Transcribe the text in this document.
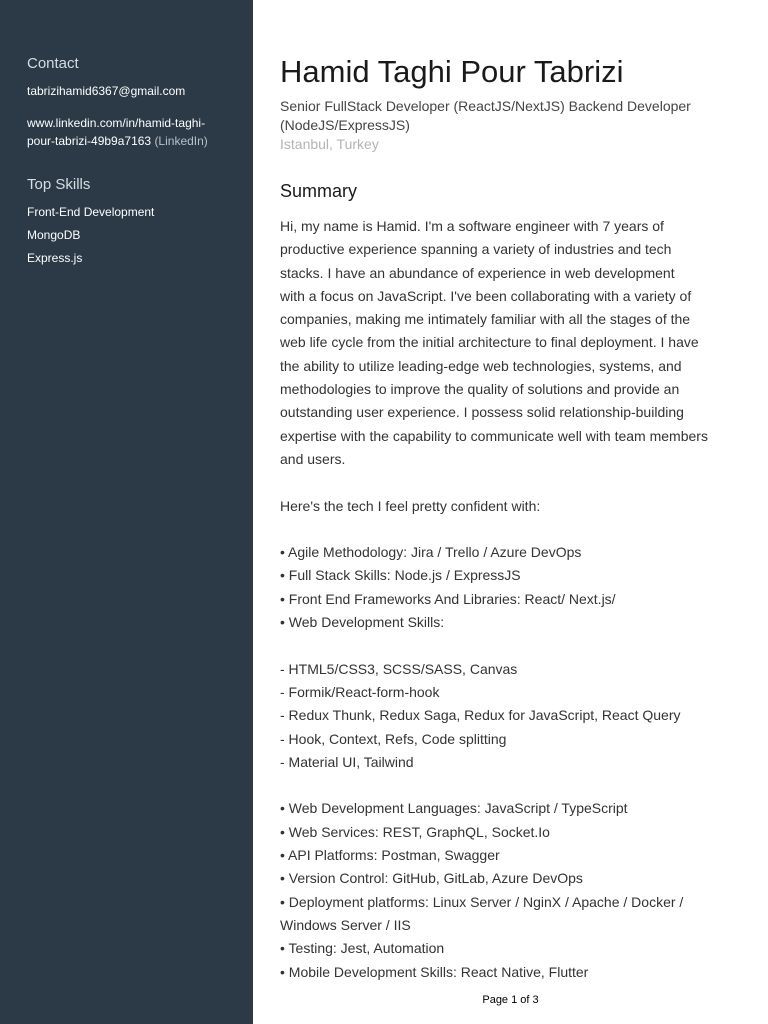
Contact
tabrizihamid6367@gmail.com
www.linkedin.com/in/hamid-taghi-
pour-tabrizi-49b9a7163 (LinkedIn)
Top Skills
Front-End Development
MongoDB
Express.js
Hamid Taghi Pour Tabrizi
Senior FullStack Developer (ReactJS/NextJS) Backend Developer (NodeJS/ExpressJS)
Istanbul, Turkey
Summary
Hi, my name is Hamid. I'm a software engineer with 7 years of
productive experience spanning a variety of industries and tech
stacks. I have an abundance of experience in web development
with a focus on JavaScript. I've been collaborating with a variety of
companies, making me intimately familiar with all the stages of the
web life cycle from the initial architecture to final deployment. I have
the ability to utilize leading-edge web technologies, systems, and
methodologies to improve the quality of solutions and provide an
outstanding user experience. I possess solid relationship-building
expertise with the capability to communicate well with team members
and users.
Here's the tech I feel pretty confident with:
• Agile Methodology: Jira / Trello / Azure DevOps
• Full Stack Skills: Node.js / ExpressJS
• Front End Frameworks And Libraries: React/ Next.js/
• Web Development Skills:
- HTML5/CSS3, SCSS/SASS, Canvas
- Formik/React-form-hook
- Redux Thunk, Redux Saga, Redux for JavaScript, React Query
- Hook, Context, Refs, Code splitting
- Material UI, Tailwind
• Web Development Languages: JavaScript / TypeScript
• Web Services: REST, GraphQL, Socket.Io
• API Platforms: Postman, Swagger
• Version Control: GitHub, GitLab, Azure DevOps
• Deployment platforms: Linux Server / NginX / Apache / Docker /
Windows Server / IIS
• Testing: Jest, Automation
• Mobile Development Skills: React Native, Flutter
Page 1 of 3
